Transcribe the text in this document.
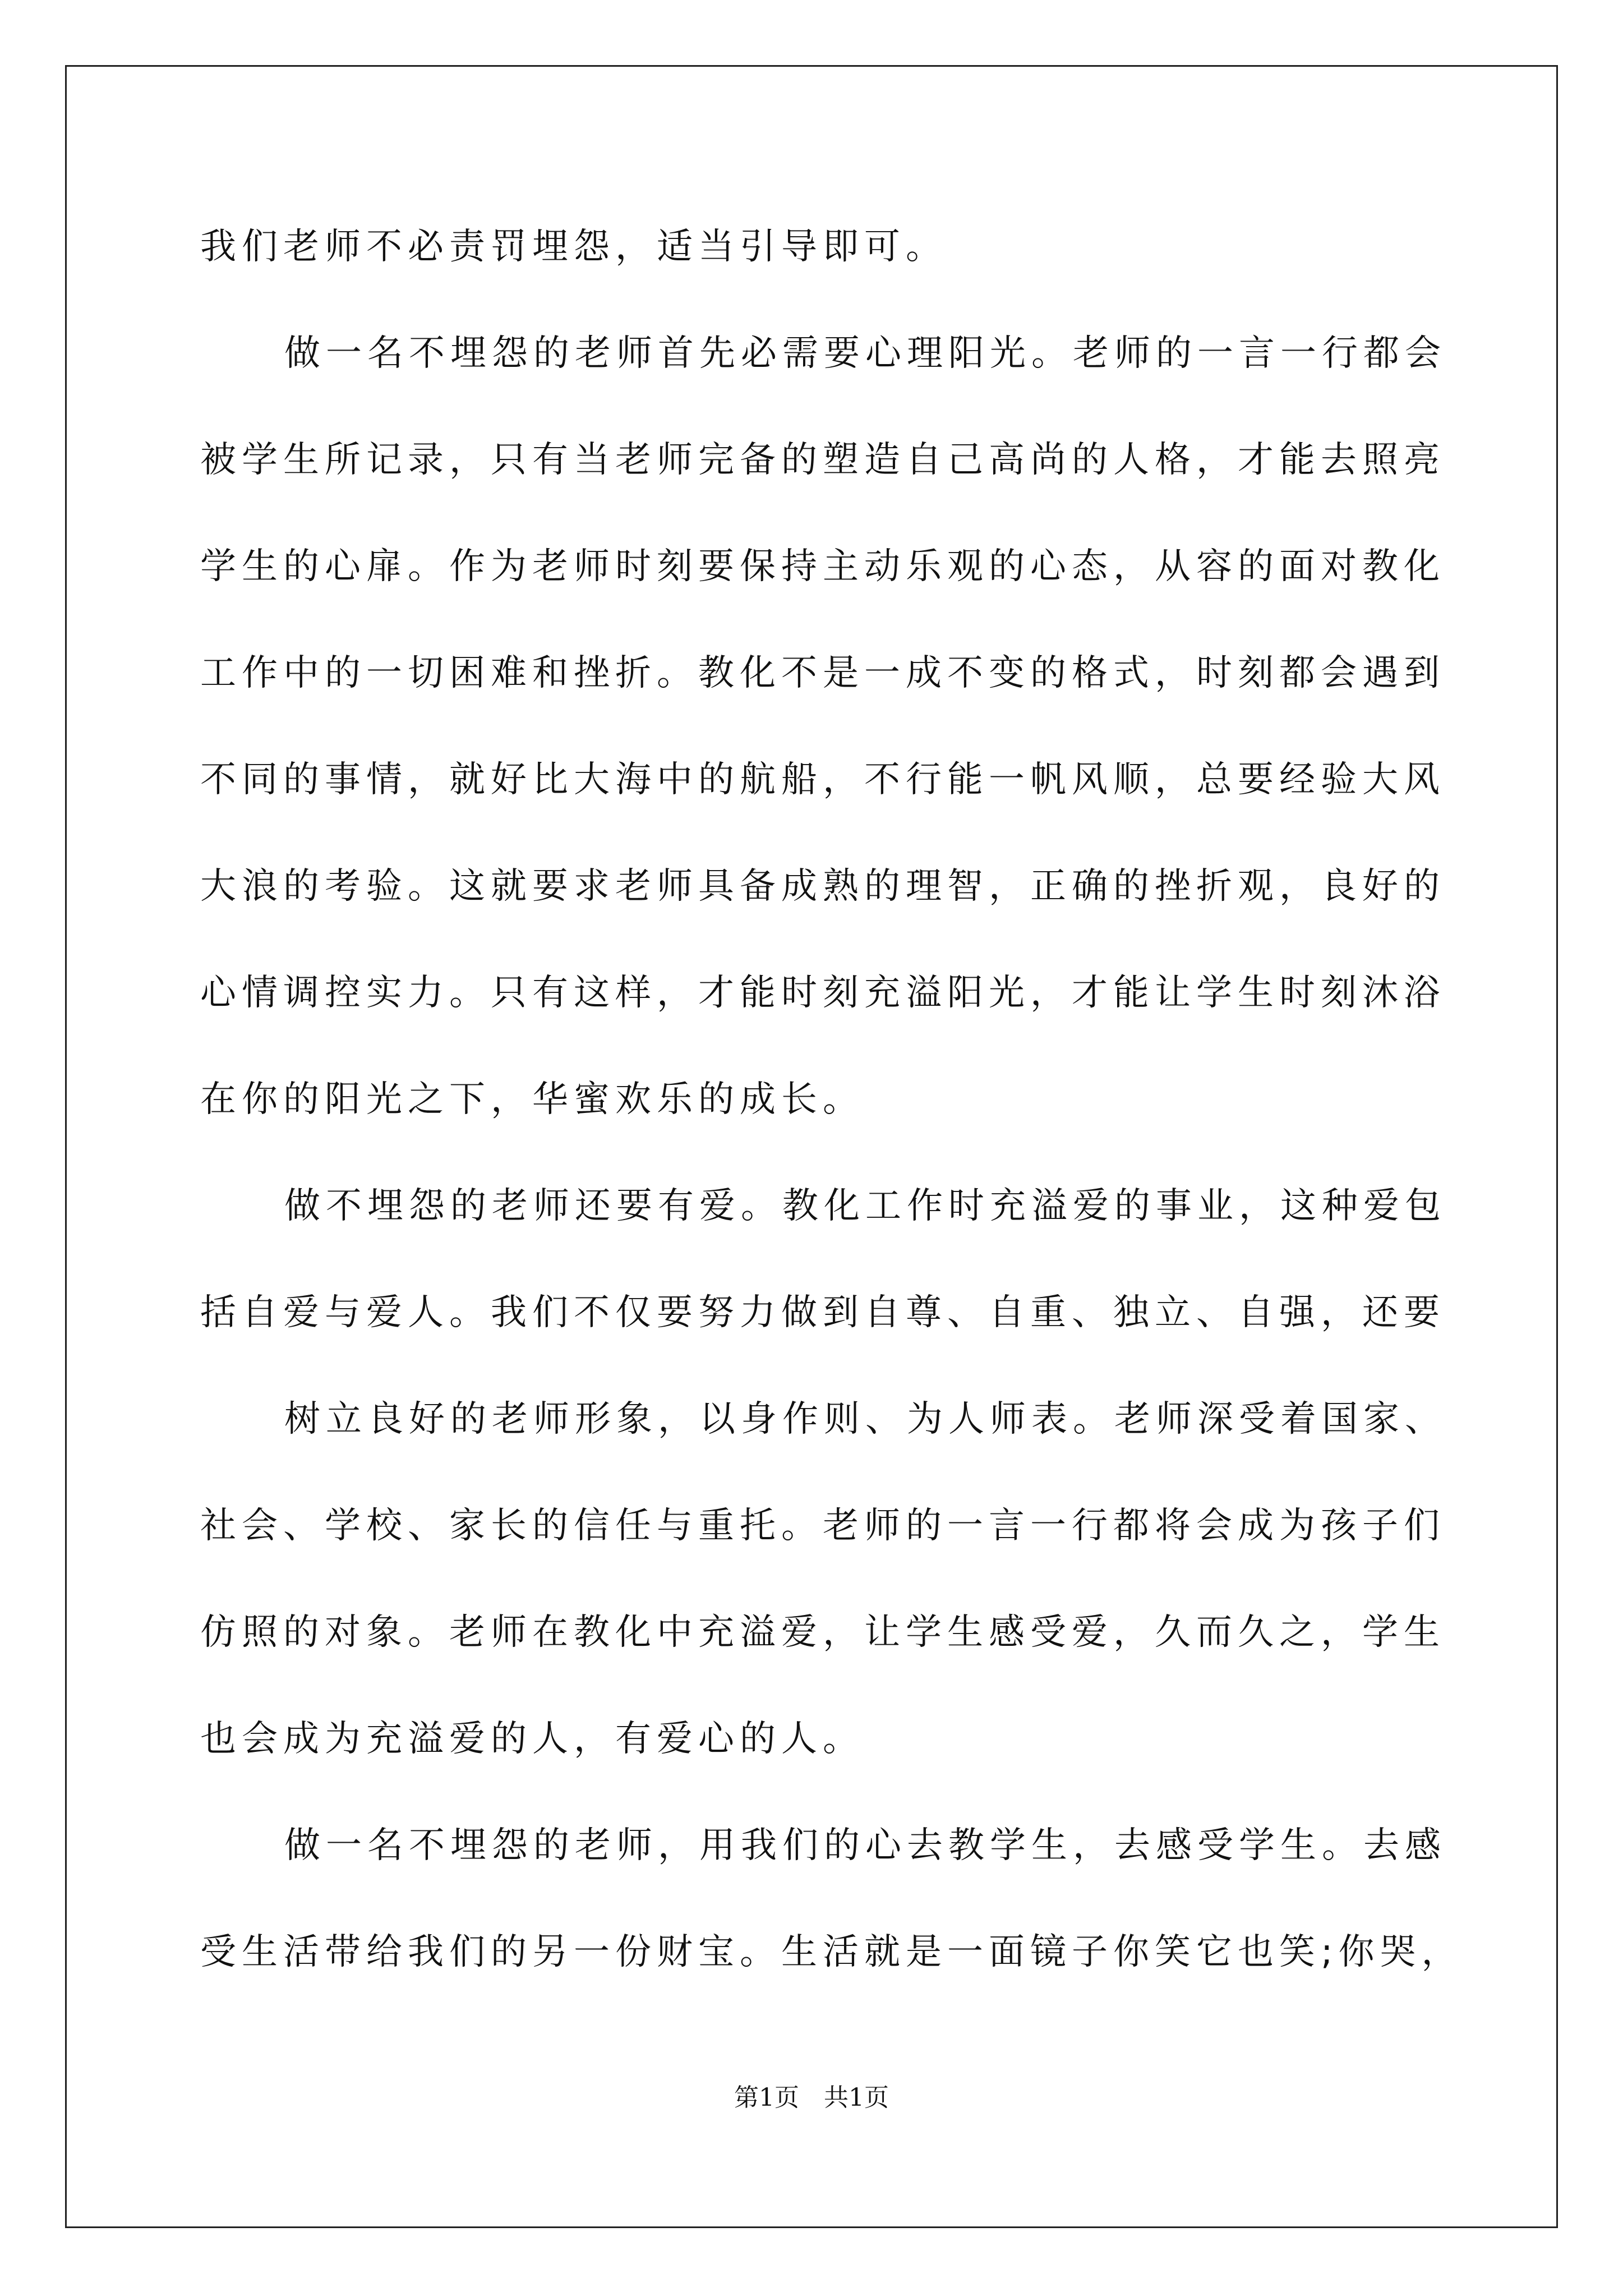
我们老师不必责罚埋怨，适当引导即可。
做一名不埋怨的老师首先必需要心理阳光。老师的一言一行都会
被学生所记录，只有当老师完备的塑造自己高尚的人格，才能去照亮
学生的心扉。作为老师时刻要保持主动乐观的心态，从容的面对教化
工作中的一切困难和挫折。教化不是一成不变的格式，时刻都会遇到
不同的事情，就好比大海中的航船，不行能一帆风顺，总要经验大风
大浪的考验。这就要求老师具备成熟的理智，正确的挫折观，良好的
心情调控实力。只有这样，才能时刻充溢阳光，才能让学生时刻沐浴
在你的阳光之下，华蜜欢乐的成长。
做不埋怨的老师还要有爱。教化工作时充溢爱的事业，这种爱包
括自爱与爱人。我们不仅要努力做到自尊、自重、独立、自强，还要
树立良好的老师形象，以身作则、为人师表。老师深受着国家、
社会、学校、家长的信任与重托。老师的一言一行都将会成为孩子们
仿照的对象。老师在教化中充溢爱，让学生感受爱，久而久之，学生
也会成为充溢爱的人，有爱心的人。
做一名不埋怨的老师，用我们的心去教学生，去感受学生。去感
受生活带给我们的另一份财宝。生活就是一面镜子你笑它也笑;你哭，
第1页 共1页
